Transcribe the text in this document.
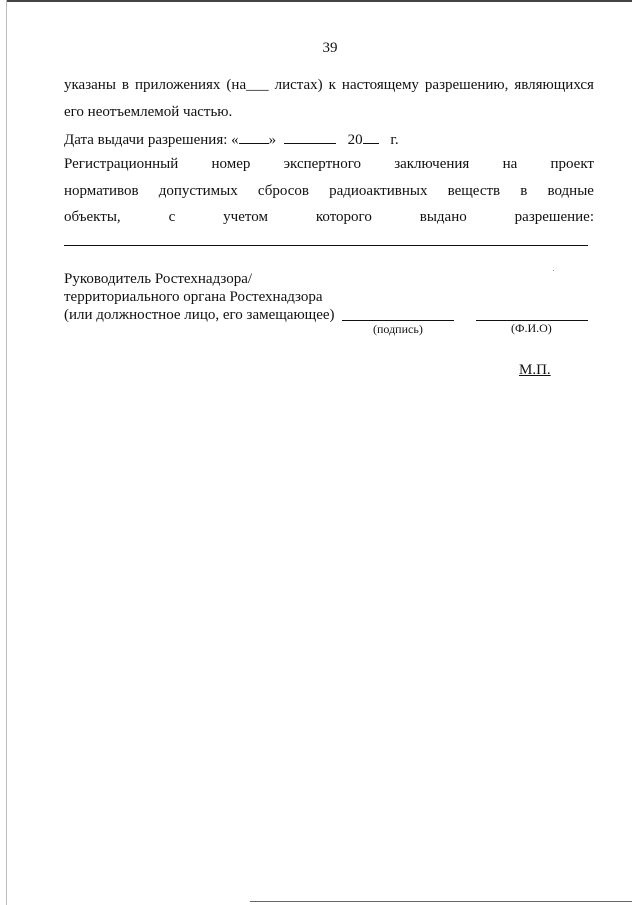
39
указаны в приложениях (на___ листах) к настоящему разрешению, являющихся
его неотъемлемой частью.
Дата выдачи разрешения: « »	20 г.
Регистрационный номер экспертного заключения на проект
нормативов допустимых сбросов радиоактивных веществ в водные
объекты,	с	учетом	которого	выдано	разрешение:
Руководитель Ростехнадзора/
территориального органа Ростехнадзора
(или должностное лицо, его замещающее)
(подпись)	(Ф.И.О)
М.П.
